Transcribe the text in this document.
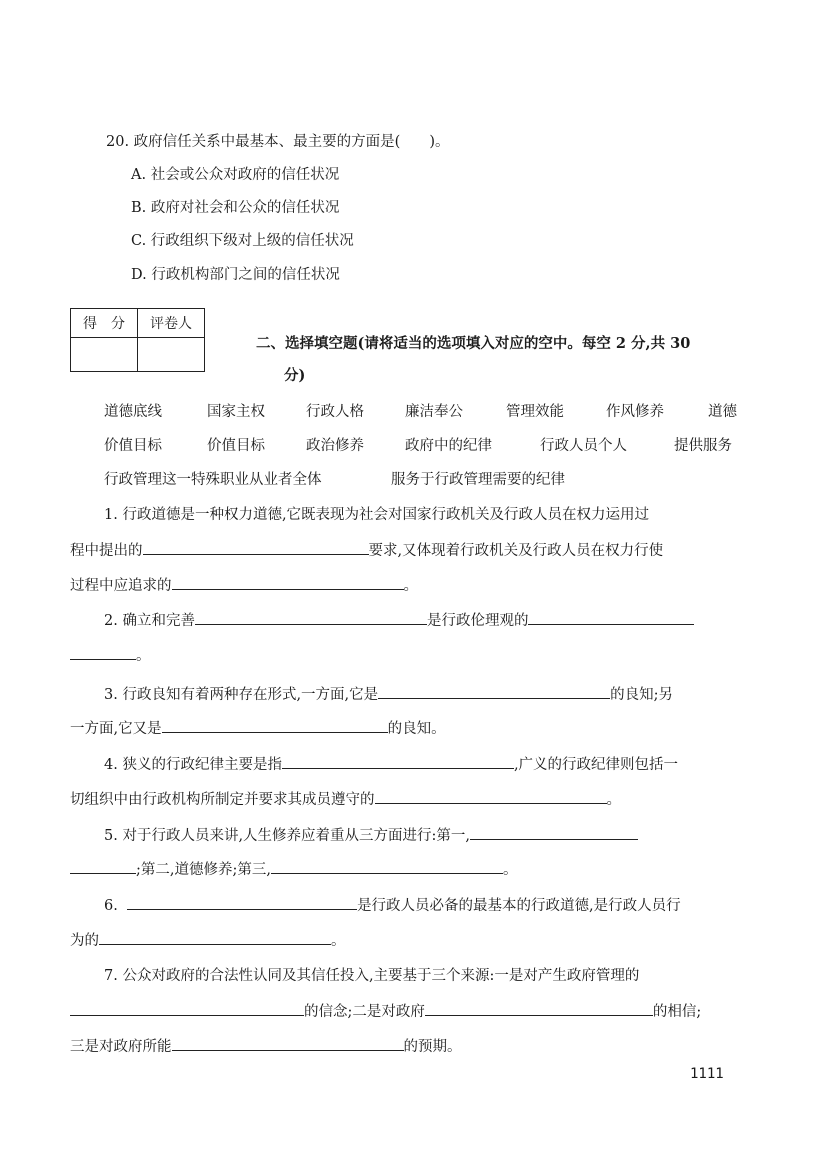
20. 政府信任关系中最基本、最主要的方面是(　　)。
A. 社会或公众对政府的信任状况
B. 政府对社会和公众的信任状况
C. 行政组织下级对上级的信任状况
D. 行政机构部门之间的信任状况
得　分	评卷人

二、选择填空题(请将适当的选项填入对应的空中。每空 2 分,共 30
分)
道德底线	国家主权	行政人格	廉洁奉公	管理效能	作风修养	道德
价值目标	价值目标	政治修养	政府中的纪律	行政人员个人	提供服务
行政管理这一特殊职业从业者全体	服务于行政管理需要的纪律
1. 行政道德是一种权力道德,它既表现为社会对国家行政机关及行政人员在权力运用过
程中提出的	要求,又体现着行政机关及行政人员在权力行使
过程中应追求的	。
2. 确立和完善	是行政伦理观的
。
3. 行政良知有着两种存在形式,一方面,它是	的良知;另
一方面,它又是	的良知。
4. 狭义的行政纪律主要是指	,广义的行政纪律则包括一
切组织中由行政机构所制定并要求其成员遵守的	。
5. 对于行政人员来讲,人生修养应着重从三方面进行:第一,
;第二,道德修养;第三,	。
6.	是行政人员必备的最基本的行政道德,是行政人员行
为的	。
7. 公众对政府的合法性认同及其信任投入,主要基于三个来源:一是对产生政府管理的
的信念;二是对政府	的相信;
三是对政府所能	的预期。
1111
